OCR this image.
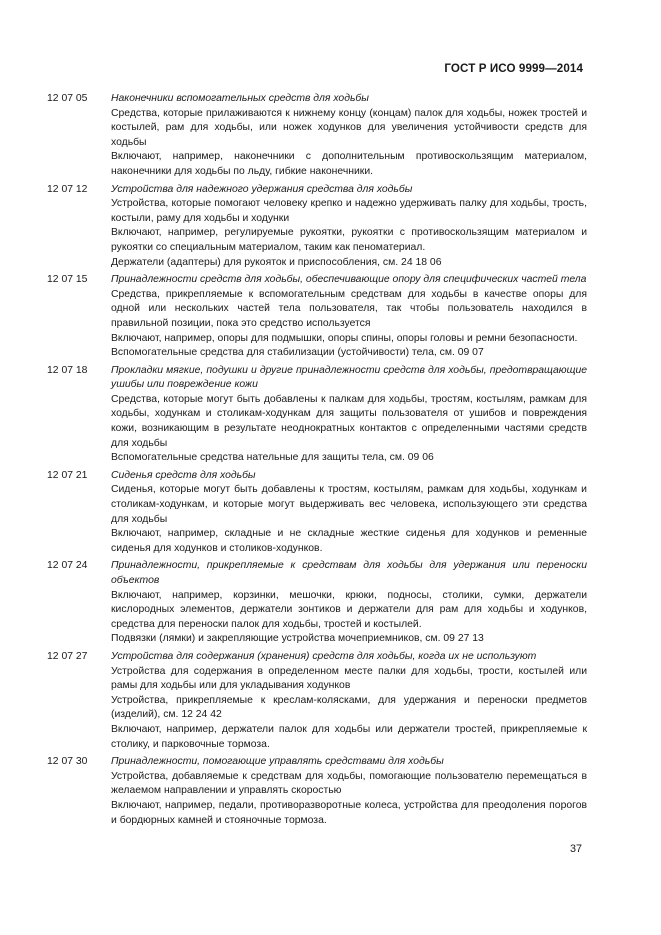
ГОСТ Р ИСО 9999—2014
12 07 05	Наконечники вспомогательных средств для ходьбы

Средства, которые прилаживаются к нижнему концу (концам) палок для ходьбы, ножек тростей и костылей, рам для ходьбы, или ножек ходунков для увеличения устойчивости средств для ходьбы

Включают, например, наконечники с дополнительным противоскользящим материалом, наконечники для ходьбы по льду, гибкие наконечники.

12 07 12	Устройства для надежного удержания средства для ходьбы

Устройства, которые помогают человеку крепко и надежно удерживать палку для ходьбы, трость, костыли, раму для ходьбы и ходунки

Включают, например, регулируемые рукоятки, рукоятки с противоскользящим материалом и рукоятки со специальным материалом, таким как пеноматериал.

Держатели (адаптеры) для рукояток и приспособления, см. 24 18 06

12 07 15	Принадлежности средств для ходьбы, обеспечивающие опору для специфических частей тела

Средства, прикрепляемые к вспомогательным средствам для ходьбы в качестве опоры для одной или нескольких частей тела пользователя, так чтобы пользователь находился в правильной позиции, пока это средство используется

Включают, например, опоры для подмышки, опоры спины, опоры головы и ремни безопасности.

Вспомогательные средства для стабилизации (устойчивости) тела, см. 09 07

12 07 18	Прокладки мягкие, подушки и другие принадлежности средств для ходьбы, предотвращающие ушибы или повреждение кожи

Средства, которые могут быть добавлены к палкам для ходьбы, тростям, костылям, рамкам для ходьбы, ходункам и столикам-ходункам для защиты пользователя от ушибов и повреждения кожи, возникающим в результате неоднократных контактов с определенными частями средств для ходьбы

Вспомогательные средства нательные для защиты тела, см. 09 06

12 07 21	Сиденья средств для ходьбы

Сиденья, которые могут быть добавлены к тростям, костылям, рамкам для ходьбы, ходункам и столикам-ходункам, и которые могут выдерживать вес человека, использующего эти средства для ходьбы

Включают, например, складные и не складные жесткие сиденья для ходунков и ременные сиденья для ходунков и столиков-ходунков.

12 07 24	Принадлежности, прикрепляемые к средствам для ходьбы для удержания или переноски объектов

Включают, например, корзинки, мешочки, крюки, подносы, столики, сумки, держатели кислородных элементов, держатели зонтиков и держатели для рам для ходьбы и ходунков, средства для переноски палок для ходьбы, тростей и костылей.

Подвязки (лямки) и закрепляющие устройства мочеприемников, см. 09 27 13

12 07 27	Устройства для содержания (хранения) средств для ходьбы, когда их не используют

Устройства для содержания в определенном месте палки для ходьбы, трости, костылей или рамы для ходьбы или для укладывания ходунков

Устройства, прикрепляемые к креслам-колясками, для удержания и переноски предметов (изделий), см. 12 24 42

Включают, например, держатели палок для ходьбы или держатели тростей, прикрепляемые к столику, и парковочные тормоза.

12 07 30	Принадлежности, помогающие управлять средствами для ходьбы

Устройства, добавляемые к средствам для ходьбы, помогающие пользователю перемещаться в желаемом направлении и управлять скоростью

Включают, например, педали, противоразворотные колеса, устройства для преодоления порогов и бордюрных камней и стояночные тормоза.

37
